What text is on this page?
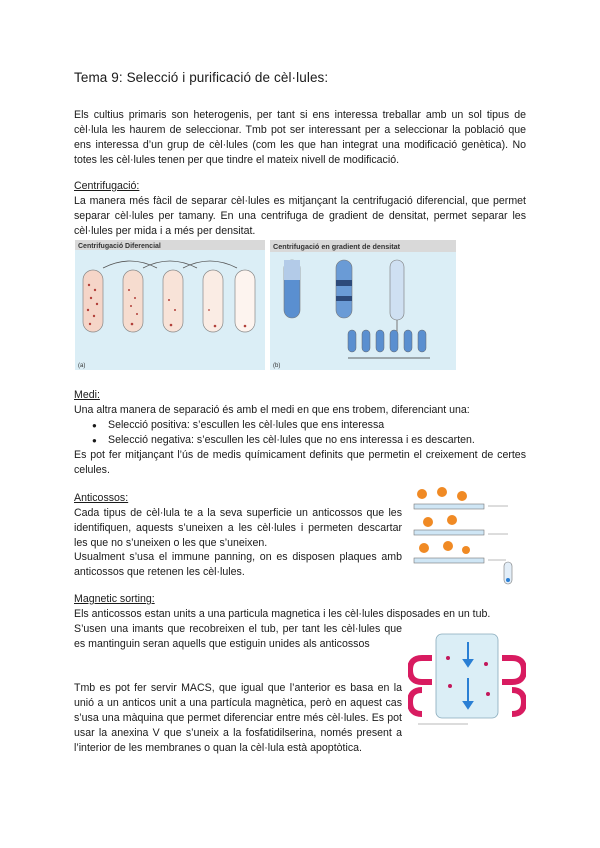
Tema 9: Selecció i purificació de cèl·lules:

Els cultius primaris son heterogenis, per tant si ens interessa treballar amb un sol tipus de cèl·lula les haurem de seleccionar. Tmb pot ser interessant per a seleccionar la població que ens interessa d’un grup de cèl·lules (com les que han integrat una modificació genètica). No totes les cèl·lules tenen per que tindre el mateix nivell de modificació.

Centrifugació:

La manera més fàcil de separar cèl·lules es mitjançant la centrifugació diferencial, que permet separar cèl·lules per tamany. En una centrifuga de gradient de densitat, permet separar les cèl·lules per mida i a més per densitat.

Centrifugació Diferencial
(a)
Centrifugació en gradient de densitat
(b)
Medi:

Una altra manera de separació és amb el medi en que ens trobem, diferenciant una:

● Selecció positiva: s’escullen les cèl·lules que ens interessa
● Selecció negativa: s’escullen les cèl·lules que no ens interessa i es descarten.

Es pot fer mitjançant l’ús de medis químicament definits que permetin el creixement de certes celules.

Anticossos:

Cada tipus de cèl·lula te a la seva superficie un anticossos que les identifiquen, aquests s’uneixen a les cèl·lules i permeten descartar les que no s’uneixen o les que s’uneixen.

Usualment s’usa el immune panning, on es disposen plaques amb anticossos que retenen les cèl·lules.

Magnetic sorting:

Els anticossos estan units a una particula magnetica i les cèl·lules disposades en un tub.

S’usen una imants que recobreixen el tub, per tant les cèl·lules que es mantinguin seran aquells que estiguin unides als anticossos

Tmb es pot fer servir MACS, que igual que l’anterior es basa en la unió a un anticos unit a una partícula magnètica, però en aquest cas s’usa una màquina que permet diferenciar entre més cèl·lules. Es pot usar la anexina V que s’uneix a la fosfatidilserina, només present a l’interior de les membranes o quan la cèl·lula està apoptòtica.
